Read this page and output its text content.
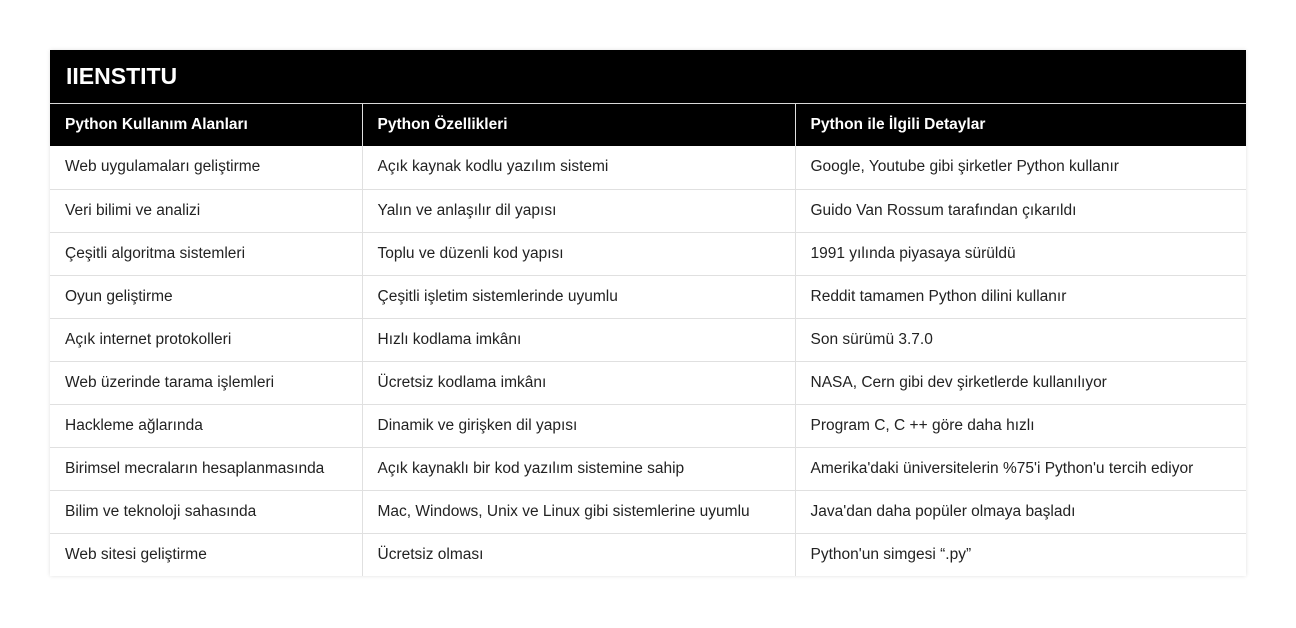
IIENSTITU
Python Kullanım Alanları	Python Özellikleri	Python ile İlgili Detaylar
Web uygulamaları geliştirme	Açık kaynak kodlu yazılım sistemi	Google, Youtube gibi şirketler Python kullanır
Veri bilimi ve analizi	Yalın ve anlaşılır dil yapısı	Guido Van Rossum tarafından çıkarıldı
Çeşitli algoritma sistemleri	Toplu ve düzenli kod yapısı	1991 yılında piyasaya sürüldü
Oyun geliştirme	Çeşitli işletim sistemlerinde uyumlu	Reddit tamamen Python dilini kullanır
Açık internet protokolleri	Hızlı kodlama imkânı	Son sürümü 3.7.0
Web üzerinde tarama işlemleri	Ücretsiz kodlama imkânı	NASA, Cern gibi dev şirketlerde kullanılıyor
Hackleme ağlarında	Dinamik ve girişken dil yapısı	Program C, C ++ göre daha hızlı
Birimsel mecraların hesaplanmasında	Açık kaynaklı bir kod yazılım sistemine sahip	Amerika'daki üniversitelerin %75'i Python'u tercih ediyor
Bilim ve teknoloji sahasında	Mac, Windows, Unix ve Linux gibi sistemlerine uyumlu	Java'dan daha popüler olmaya başladı
Web sitesi geliştirme	Ücretsiz olması	Python'un simgesi “.py”
